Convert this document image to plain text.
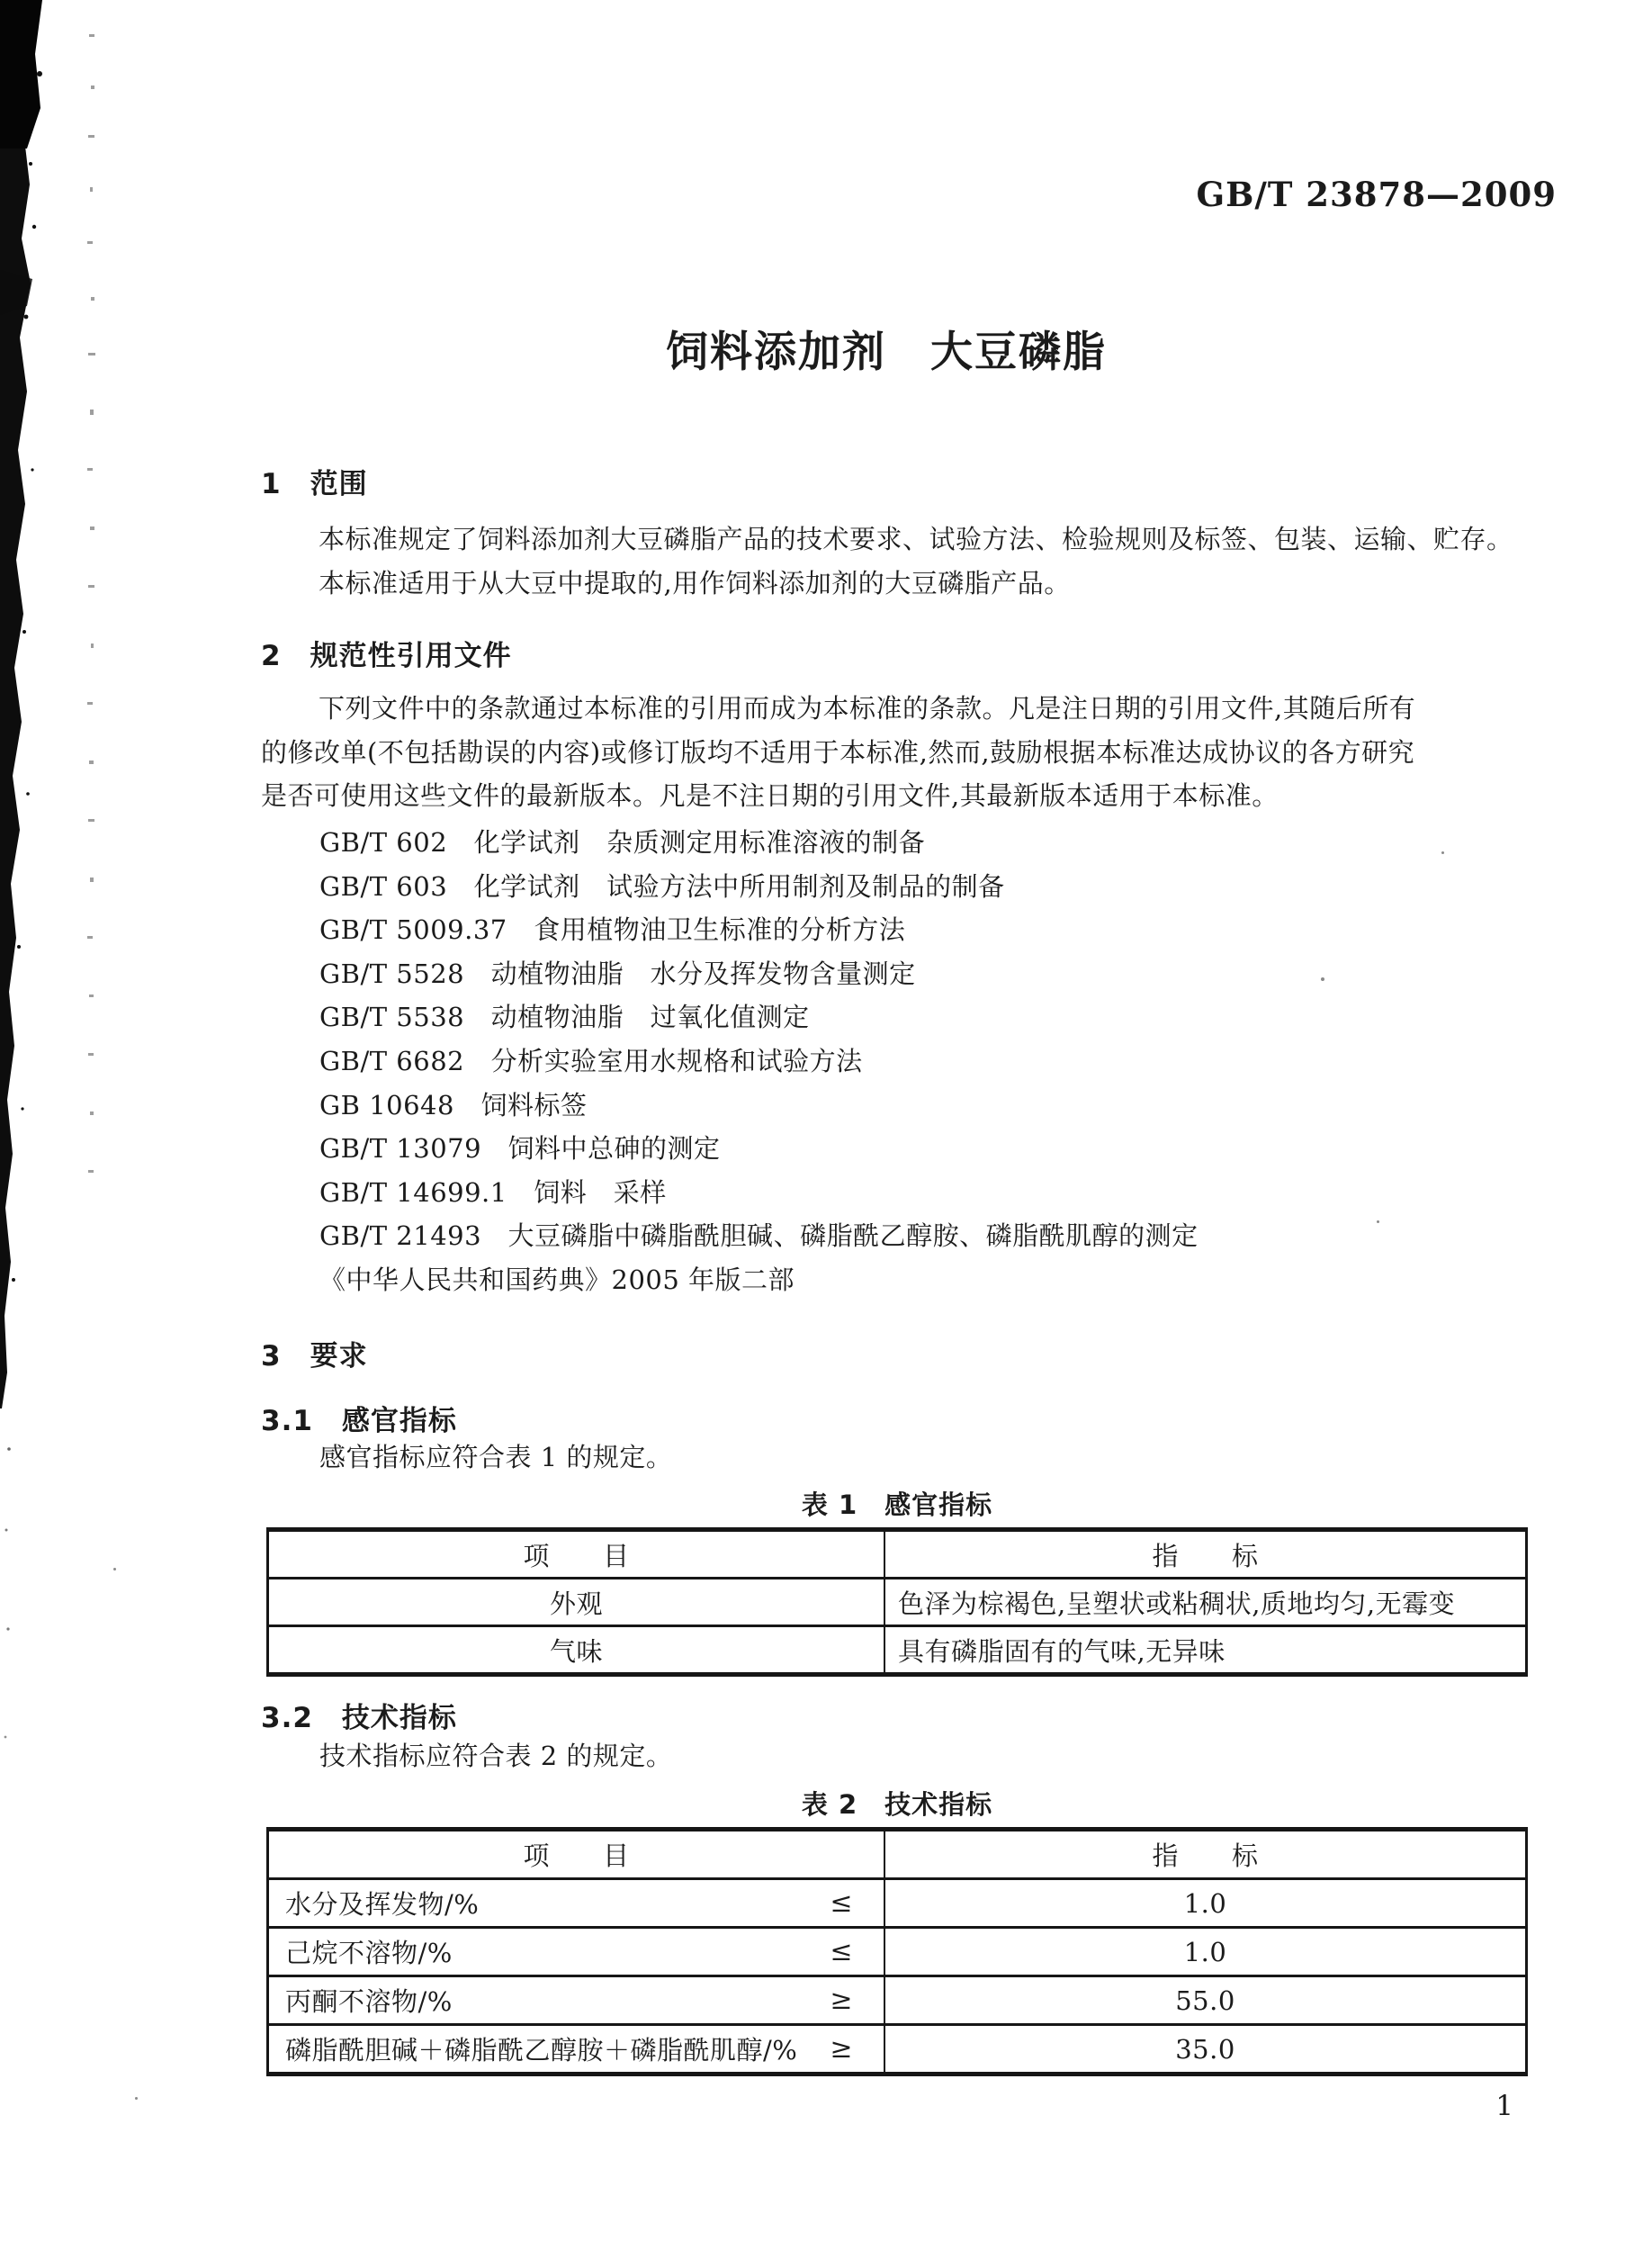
GB/T 23878—2009
饲料添加剂　大豆磷脂
1　范围
本标准规定了饲料添加剂大豆磷脂产品的技术要求、试验方法、检验规则及标签、包装、运输、贮存。
本标准适用于从大豆中提取的,用作饲料添加剂的大豆磷脂产品。
2　规范性引用文件
下列文件中的条款通过本标准的引用而成为本标准的条款。凡是注日期的引用文件,其随后所有
的修改单(不包括勘误的内容)或修订版均不适用于本标准,然而,鼓励根据本标准达成协议的各方研究
是否可使用这些文件的最新版本。凡是不注日期的引用文件,其最新版本适用于本标准。
GB/T 602　化学试剂　杂质测定用标准溶液的制备
GB/T 603　化学试剂　试验方法中所用制剂及制品的制备
GB/T 5009.37　食用植物油卫生标准的分析方法
GB/T 5528　动植物油脂　水分及挥发物含量测定
GB/T 5538　动植物油脂　过氧化值测定
GB/T 6682　分析实验室用水规格和试验方法
GB 10648　饲料标签
GB/T 13079　饲料中总砷的测定
GB/T 14699.1　饲料　采样
GB/T 21493　大豆磷脂中磷脂酰胆碱、磷脂酰乙醇胺、磷脂酰肌醇的测定
《中华人民共和国药典》2005 年版二部
3　要求
3.1　感官指标
感官指标应符合表 1 的规定。
表 1　感官指标
项　　目	指　　标
外观	色泽为棕褐色,呈塑状或粘稠状,质地均匀,无霉变
气味	具有磷脂固有的气味,无异味
3.2　技术指标
技术指标应符合表 2 的规定。
表 2　技术指标
项　　目	指　　标
水分及挥发物/%	≤	1.0
己烷不溶物/%	≤	1.0
丙酮不溶物/%	≥	55.0
磷脂酰胆碱＋磷脂酰乙醇胺＋磷脂酰肌醇/% ≥	35.0
1
